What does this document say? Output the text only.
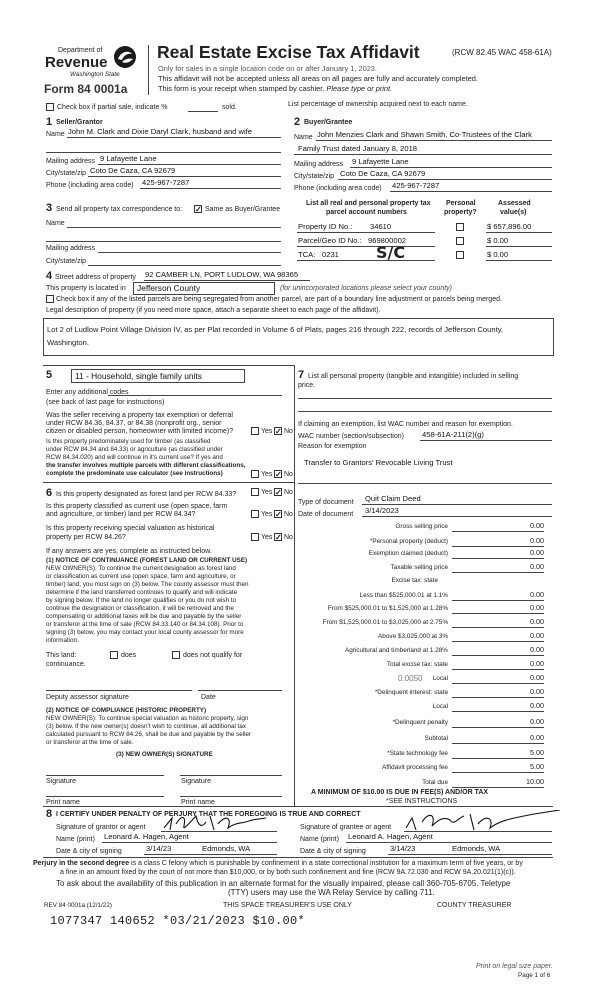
Department of
Revenue
Washington State
Form 84 0001a
Real Estate Excise Tax Affidavit	(RCW 82.45 WAC 458-61A)
Only for sales in a single location code on or after January 1, 2023.
This affidavit will not be accepted unless all areas on all pages are fully and accurately completed.
This form is your receipt when stamped by cashier. Please type or print.
Check box if partial sale, indicate %	sold.	List percentage of ownership acquired next to each name.
1 Seller/Grantor
Name John M. Clark and Dixie Daryl Clark, husband and wife
Mailing address 9 Lafayette Lane
City/state/zip Coto De Caza, CA 92679
Phone (including area code) 425-967-7287
2 Buyer/Grantee
Name John Menzies Clark and Shawn Smith, Co-Trustees of the Clark
Family Trust dated January 8, 2018
Mailing address 9 Lafayette Lane
City/state/zip Coto De Caza, CA 92679
Phone (including area code) 425-967-7287
3 Send all property tax correspondence to: ✓ Same as Buyer/Grantee
Name
Mailing address
City/state/zip
List all real and personal property tax
parcel account numbers
Personal
property?
Assessed
value(s)
Property ID No.: 34610	$ 657,896.00
Parcel/Geo ID No.: 969800002	$ 0.00
TCA: 0231 S/C	$ 0.00
4 Street address of property 92 CAMBER LN, PORT LUDLOW, WA 98365
This property is located in Jefferson County	(for unincorporated locations please select your county)
Check box if any of the listed parcels are being segregated from another parcel, are part of a boundary line adjustment or parcels being merged.
Legal description of property (if you need more space, attach a separate sheet to each page of the affidavit).
Lot 2 of Ludlow Point Village Division IV, as per Plat recorded in Volume 6 of Plats, pages 216 through 222, records of Jefferson County, Washington.
5	11 - Household, single family units
Enter any additional codes
(see back of last page for instructions)
Was the seller receiving a property tax exemption or deferral
under RCW 84.36, 84.37, or 84.38 (nonprofit org., senior
citizen or disabled person, homeowner with limited income)?	Yes ✓ No
Is this property predominately used for timber (as classified
under RCW 84.34 and 84.33) or agriculture (as classified under
RCW 84.34.020) and will continue in it's current use? If yes and
the transfer involves multiple parcels with different classifications,
complete the predominate use calculator (see instructions)	Yes ✓ No
6 Is this property designated as forest land per RCW 84.33?	Yes ✓ No
Is this property classified as current use (open space, farm
and agriculture, or timber) land per RCW 84.34?	Yes ✓ No
Is this property receiving special valuation as historical
property per RCW 84.26?	Yes ✓ No
If any answers are yes, complete as instructed below.
(1) NOTICE OF CONTINUANCE (FOREST LAND OR CURRENT USE)
NEW OWNER(S): To continue the current designation as forest land
or classification as current use (open space, farm and agriculture, or
timber) land, you must sign on (3) below. The county assessor must then
determine if the land transferred continues to qualify and will indicate
by signing below. If the land no longer qualifies or you do not wish to
continue the designation or classification, it will be removed and the
compensating or additional taxes will be due and payable by the seller
or transferor at the time of sale (RCW 84.33.140 or 84.34.108). Prior to
signing (3) below, you may contact your local county assessor for more
information.
This land:	does	does not qualify for
continuance.
Deputy assessor signature	Date
(2) NOTICE OF COMPLIANCE (HISTORIC PROPERTY)
NEW OWNER(S): To continue special valuation as historic property, sign
(3) below. If the new owner(s) doesn't wish to continue, all additional tax
calculated pursuant to RCW 84.26, shall be due and payable by the seller
or transferor at the time of sale.
(3) NEW OWNER(S) SIGNATURE
Signature	Signature
Print name	Print name
7 List all personal property (tangible and intangible) included in selling
price.
If claiming an exemption, list WAC number and reason for exemption.
WAC number (section/subsection) 458-61A-211(2)(g)
Reason for exemption
Transfer to Grantors' Revocable Living Trust
Type of document Quit Claim Deed
Date of document 3/14/2023
Gross selling price	0.00
*Personal property (deduct)	0.00
Exemption claimed (deduct)	0.00
Taxable selling price	0.00
Excise tax: state
Less than $525,000.01 at 1.1%	0.00
From $525,000.01 to $1,525,000 at 1.28%	0.00
From $1,525,000.01 to $3,025,000 at 2.75%	0.00
Above $3,025,000 at 3%	0.00
Agricultural and timberland at 1.28%	0.00
Total excise tax: state	0.00
0.0050 Local	0.00
*Delinquent interest: state	0.00
Local	0.00
*Delinquent penalty	0.00
Subtotal	0.00
*State technology fee	5.00
Affidavit processing fee	5.00
Total due	10.00
A MINIMUM OF $10.00 IS DUE IN FEE(S) AND/OR TAX
*SEE INSTRUCTIONS
8 I CERTIFY UNDER PENALTY OF PERJURY THAT THE FOREGOING IS TRUE AND CORRECT
Signature of grantor or agent
Name (print) Leonard A. Hagen, Agent
Date & city of signing	3/14/23	Edmonds, WA
Signature of grantee or agent
Name (print) Leonard A. Hagen, Agent
Date & city of signing	3/14/23	Edmonds, WA
Perjury in the second degree is a class C felony which is punishable by confinement in a state correctional institution for a maximum term of five years, or by
a fine in an amount fixed by the court of not more than $10,000, or by both such confinement and fine (RCW 9A.72.030 and RCW 9A.20.021(1)(c)).
To ask about the availability of this publication in an alternate format for the visually impaired, please call 360-705-6705. Teletype
(TTY) users may use the WA Relay Service by calling 711.
REV 84 0001a (12/1/22)	THIS SPACE TREASURER'S USE ONLY	COUNTY TREASURER
1077347 140652 *03/21/2023 $10.00*
Print on legal size paper.
Page 1 of 6
